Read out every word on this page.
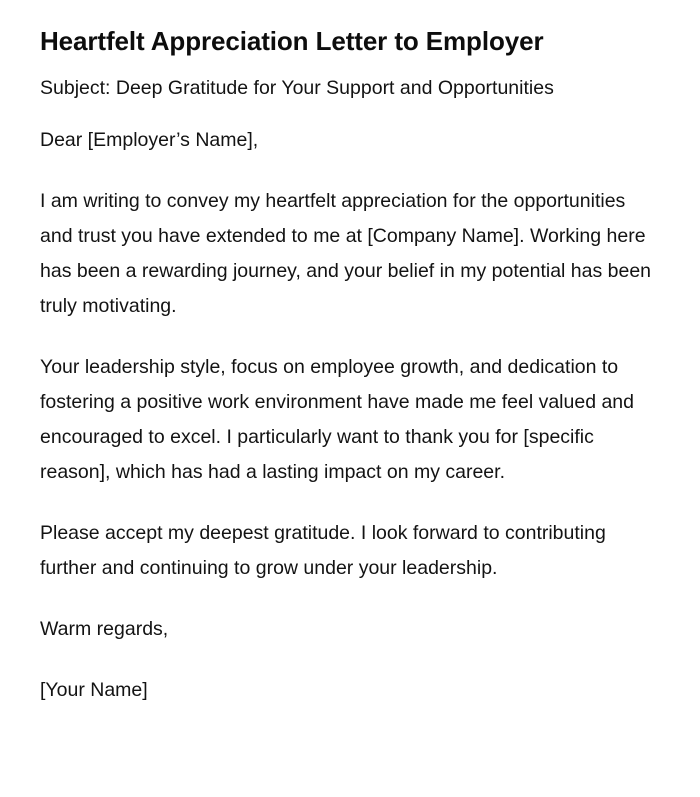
Heartfelt Appreciation Letter to Employer

Subject: Deep Gratitude for Your Support and Opportunities

Dear [Employer’s Name],

I am writing to convey my heartfelt appreciation for the opportunities and trust you have extended to me at [Company Name]. Working here has been a rewarding journey, and your belief in my potential has been truly motivating.

Your leadership style, focus on employee growth, and dedication to fostering a positive work environment have made me feel valued and encouraged to excel. I particularly want to thank you for [specific reason], which has had a lasting impact on my career.

Please accept my deepest gratitude. I look forward to contributing further and continuing to grow under your leadership.

Warm regards,

[Your Name]
